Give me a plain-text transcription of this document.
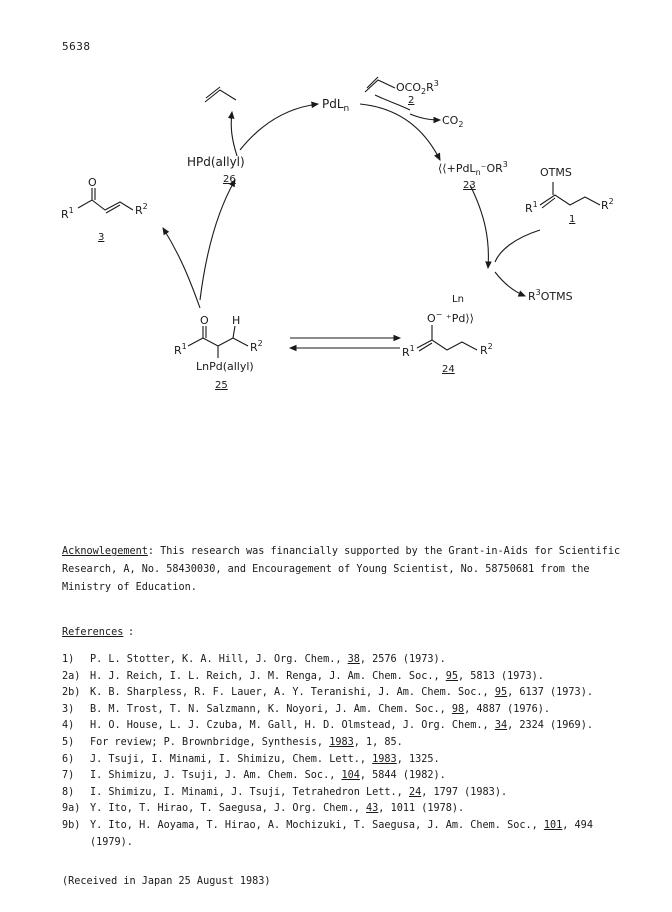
5638
PdL$_n$
$OCO_2R^3$
2
$CO_2$
HPd(allyl)
26
$⟨⟨+PdL_n^-OR^3$
23
OTMS
$R^1$	$R^2$
1
O
$R^1$	$R^2$
3
O H
$R^1$	$R^2$
LnPd(allyl)
25
$R^3OTMS$
Ln
O− ⁺Pd⟩⟩
$R^1$	$R^2$
24
Acknowlegement: This research was financially supported by the Grant-in-Aids for Scientific Research, A, No. 58430030, and Encouragement of Young Scientist, No. 58750681 from the Ministry of Education.
References :
1)	P. L. Stotter, K. A. Hill, J. Org. Chem., 38, 2576 (1973).
2a) H. J. Reich, I. L. Reich, J. M. Renga, J. Am. Chem. Soc., 95, 5813 (1973).
2b) K. B. Sharpless, R. F. Lauer, A. Y. Teranishi, J. Am. Chem. Soc., 95, 6137 (1973).
3)	B. M. Trost, T. N. Salzmann, K. Noyori, J. Am. Chem. Soc., 98, 4887 (1976).
4)	H. O. House, L. J. Czuba, M. Gall, H. D. Olmstead, J. Org. Chem., 34, 2324 (1969).
5)	For review; P. Brownbridge, Synthesis, 1983, 1, 85.
6)	J. Tsuji, I. Minami, I. Shimizu, Chem. Lett., 1983, 1325.
7)	I. Shimizu, J. Tsuji, J. Am. Chem. Soc., 104, 5844 (1982).
8)	I. Shimizu, I. Minami, J. Tsuji, Tetrahedron Lett., 24, 1797 (1983).
9a) Y. Ito, T. Hirao, T. Saegusa, J. Org. Chem., 43, 1011 (1978).
9b) Y. Ito, H. Aoyama, T. Hirao, A. Mochizuki, T. Saegusa, J. Am. Chem. Soc., 101, 494 (1979).
(Received in Japan 25 August 1983)
